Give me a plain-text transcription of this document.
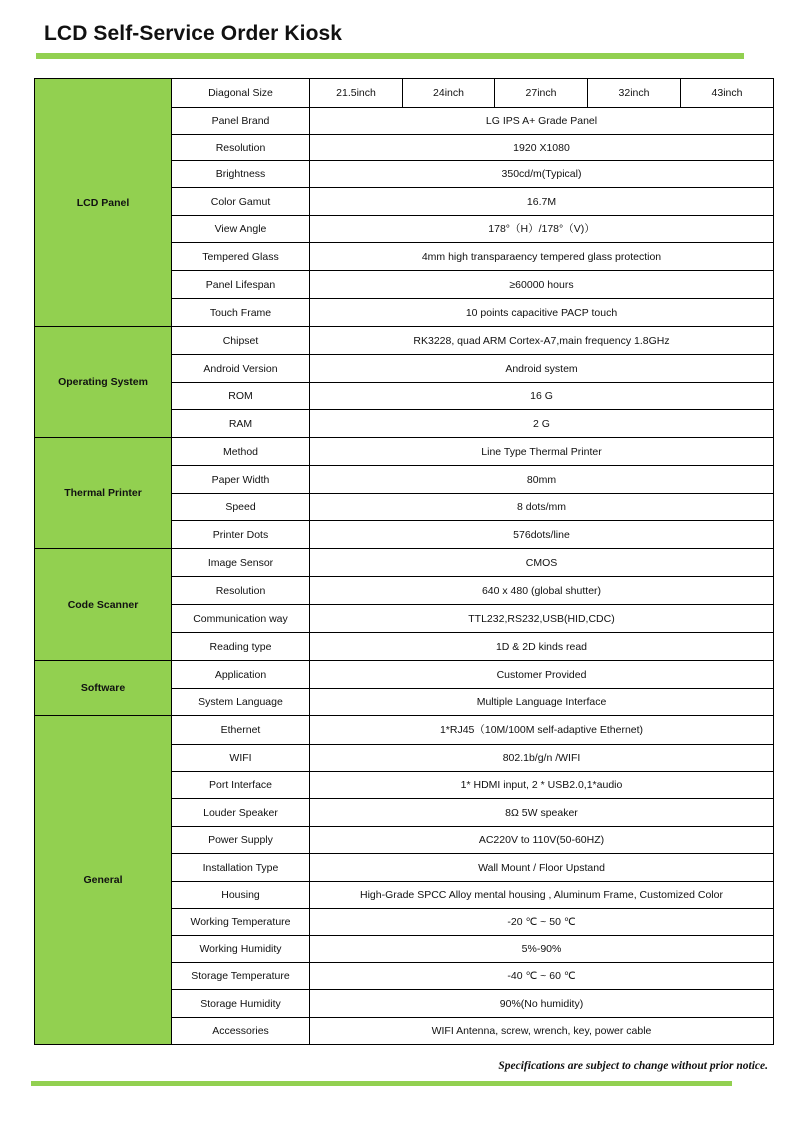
LCD Self-Service Order Kiosk
LCD Panel	Diagonal Size	21.5inch	24inch	27inch	32inch	43inch
	Panel Brand	LG IPS A+ Grade Panel				
	Resolution	1920 X1080				
	Brightness	350cd/m(Typical)				
	Color Gamut	16.7M				
	View Angle	178°（H）/178°（V)）				
	Tempered Glass	4mm high transparaency tempered glass protection				
	Panel Lifespan	≥60000 hours				
	Touch Frame	10 points capacitive PACP touch				
Operating System	Chipset	RK3228, quad ARM Cortex-A7,main frequency 1.8GHz				
	Android Version	Android system				
	ROM	16 G				
	RAM	2 G				
Thermal Printer	Method	Line Type Thermal Printer				
	Paper Width	80mm				
	Speed	8 dots/mm				
	Printer Dots	576dots/line				
Code Scanner	Image Sensor	CMOS				
	Resolution	640 x 480 (global shutter)				
	Communication way	TTL232,RS232,USB(HID,CDC)				
	Reading type	1D & 2D kinds read				
Software	Application	Customer Provided				
	System Language	Multiple Language Interface				
General	Ethernet	1*RJ45（10M/100M self-adaptive Ethernet)				
	WIFI	802.1b/g/n /WIFI				
	Port Interface	1* HDMI input, 2 * USB2.0,1*audio				
	Louder Speaker	8Ω 5W speaker				
	Power Supply	AC220V to 110V(50-60HZ)				
	Installation Type	Wall Mount / Floor Upstand				
	Housing	High-Grade SPCC Alloy mental housing , Aluminum Frame, Customized Color				
	Working Temperature	-20 ℃ ~ 50 ℃				
	Working Humidity	5%-90%				
	Storage Temperature	-40 ℃ ~ 60 ℃				
	Storage Humidity	90%(No humidity)				
	Accessories	WIFI Antenna, screw, wrench, key, power cable				
Specifications are subject to change without prior notice.
